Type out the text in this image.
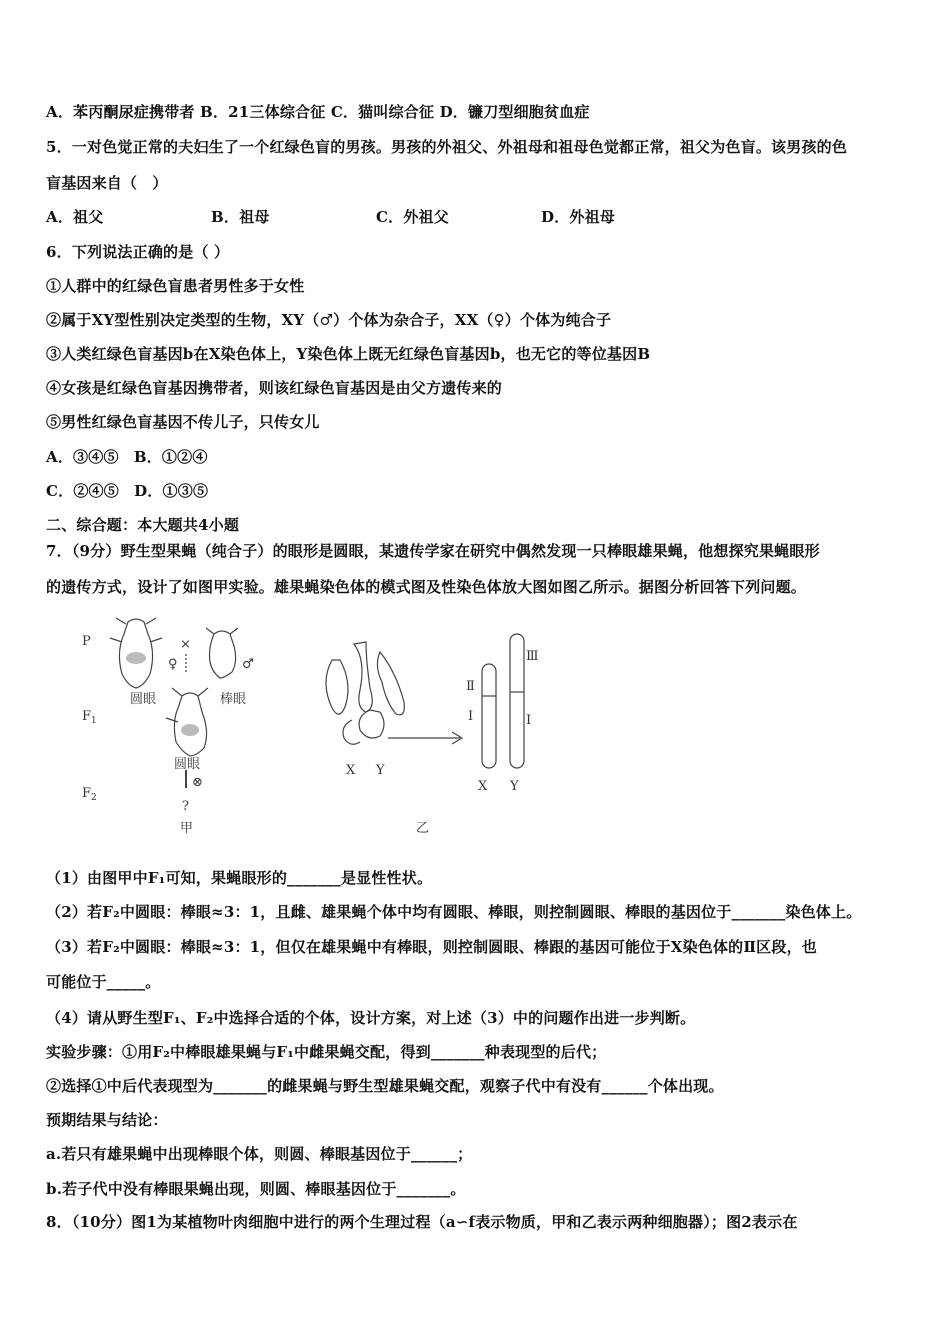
A．苯丙酮尿症携带者 B．21三体综合征 C．猫叫综合征 D．镰刀型细胞贫血症
5．一对色觉正常的夫妇生了一个红绿色盲的男孩。男孩的外祖父、外祖母和祖母色觉都正常，祖父为色盲。该男孩的色
盲基因来自（　）
A．祖父	B．祖母	C．外祖父	D．外祖母
6．下列说法正确的是（ ）
①人群中的红绿色盲患者男性多于女性
②属于XY型性别决定类型的生物，XY（♂）个体为杂合子，XX（♀）个体为纯合子
③人类红绿色盲基因b在X染色体上，Y染色体上既无红绿色盲基因b，也无它的等位基因B
④女孩是红绿色盲基因携带者，则该红绿色盲基因是由父方遗传来的
⑤男性红绿色盲基因不传儿子，只传女儿
A．③④⑤　B．①②④
C．②④⑤　D．①③⑤
二、综合题：本大题共4小题
7．（9分）野生型果蝇（纯合子）的眼形是圆眼，某遗传学家在研究中偶然发现一只棒眼雄果蝇，他想探究果蝇眼形
的遗传方式，设计了如图甲实验。雄果蝇染色体的模式图及性染色体放大图如图乙所示。据图分析回答下列问题。
P
$F_1$
$F_2$
×
♀	♂
圆眼	棒眼
圆眼
⊗
?
甲	乙
X Y
X Y
Ⅱ
Ⅰ
Ⅲ
Ⅰ
（1）由图甲中F₁可知，果蝇眼形的_______是显性性状。
（2）若F₂中圆眼：棒眼≈3：1，且雌、雄果蝇个体中均有圆眼、棒眼，则控制圆眼、棒眼的基因位于_______染色体上。
（3）若F₂中圆眼：棒眼≈3：1，但仅在雄果蝇中有棒眼，则控制圆眼、棒跟的基因可能位于X染色体的Ⅱ区段，也
可能位于_____。
（4）请从野生型F₁、F₂中选择合适的个体，设计方案，对上述（3）中的问题作出进一步判断。
实验步骤：①用F₂中棒眼雄果蝇与F₁中雌果蝇交配，得到_______种表现型的后代；
②选择①中后代表现型为_______的雌果蝇与野生型雄果蝇交配，观察子代中有没有______个体出现。
预期结果与结论：
a.若只有雄果蝇中出现棒眼个体，则圆、棒眼基因位于______；
b.若子代中没有棒眼果蝇出现，则圆、棒眼基因位于_______。
8．（10分）图1为某植物叶肉细胞中进行的两个生理过程（a∽f表示物质，甲和乙表示两种细胞器）；图2表示在
